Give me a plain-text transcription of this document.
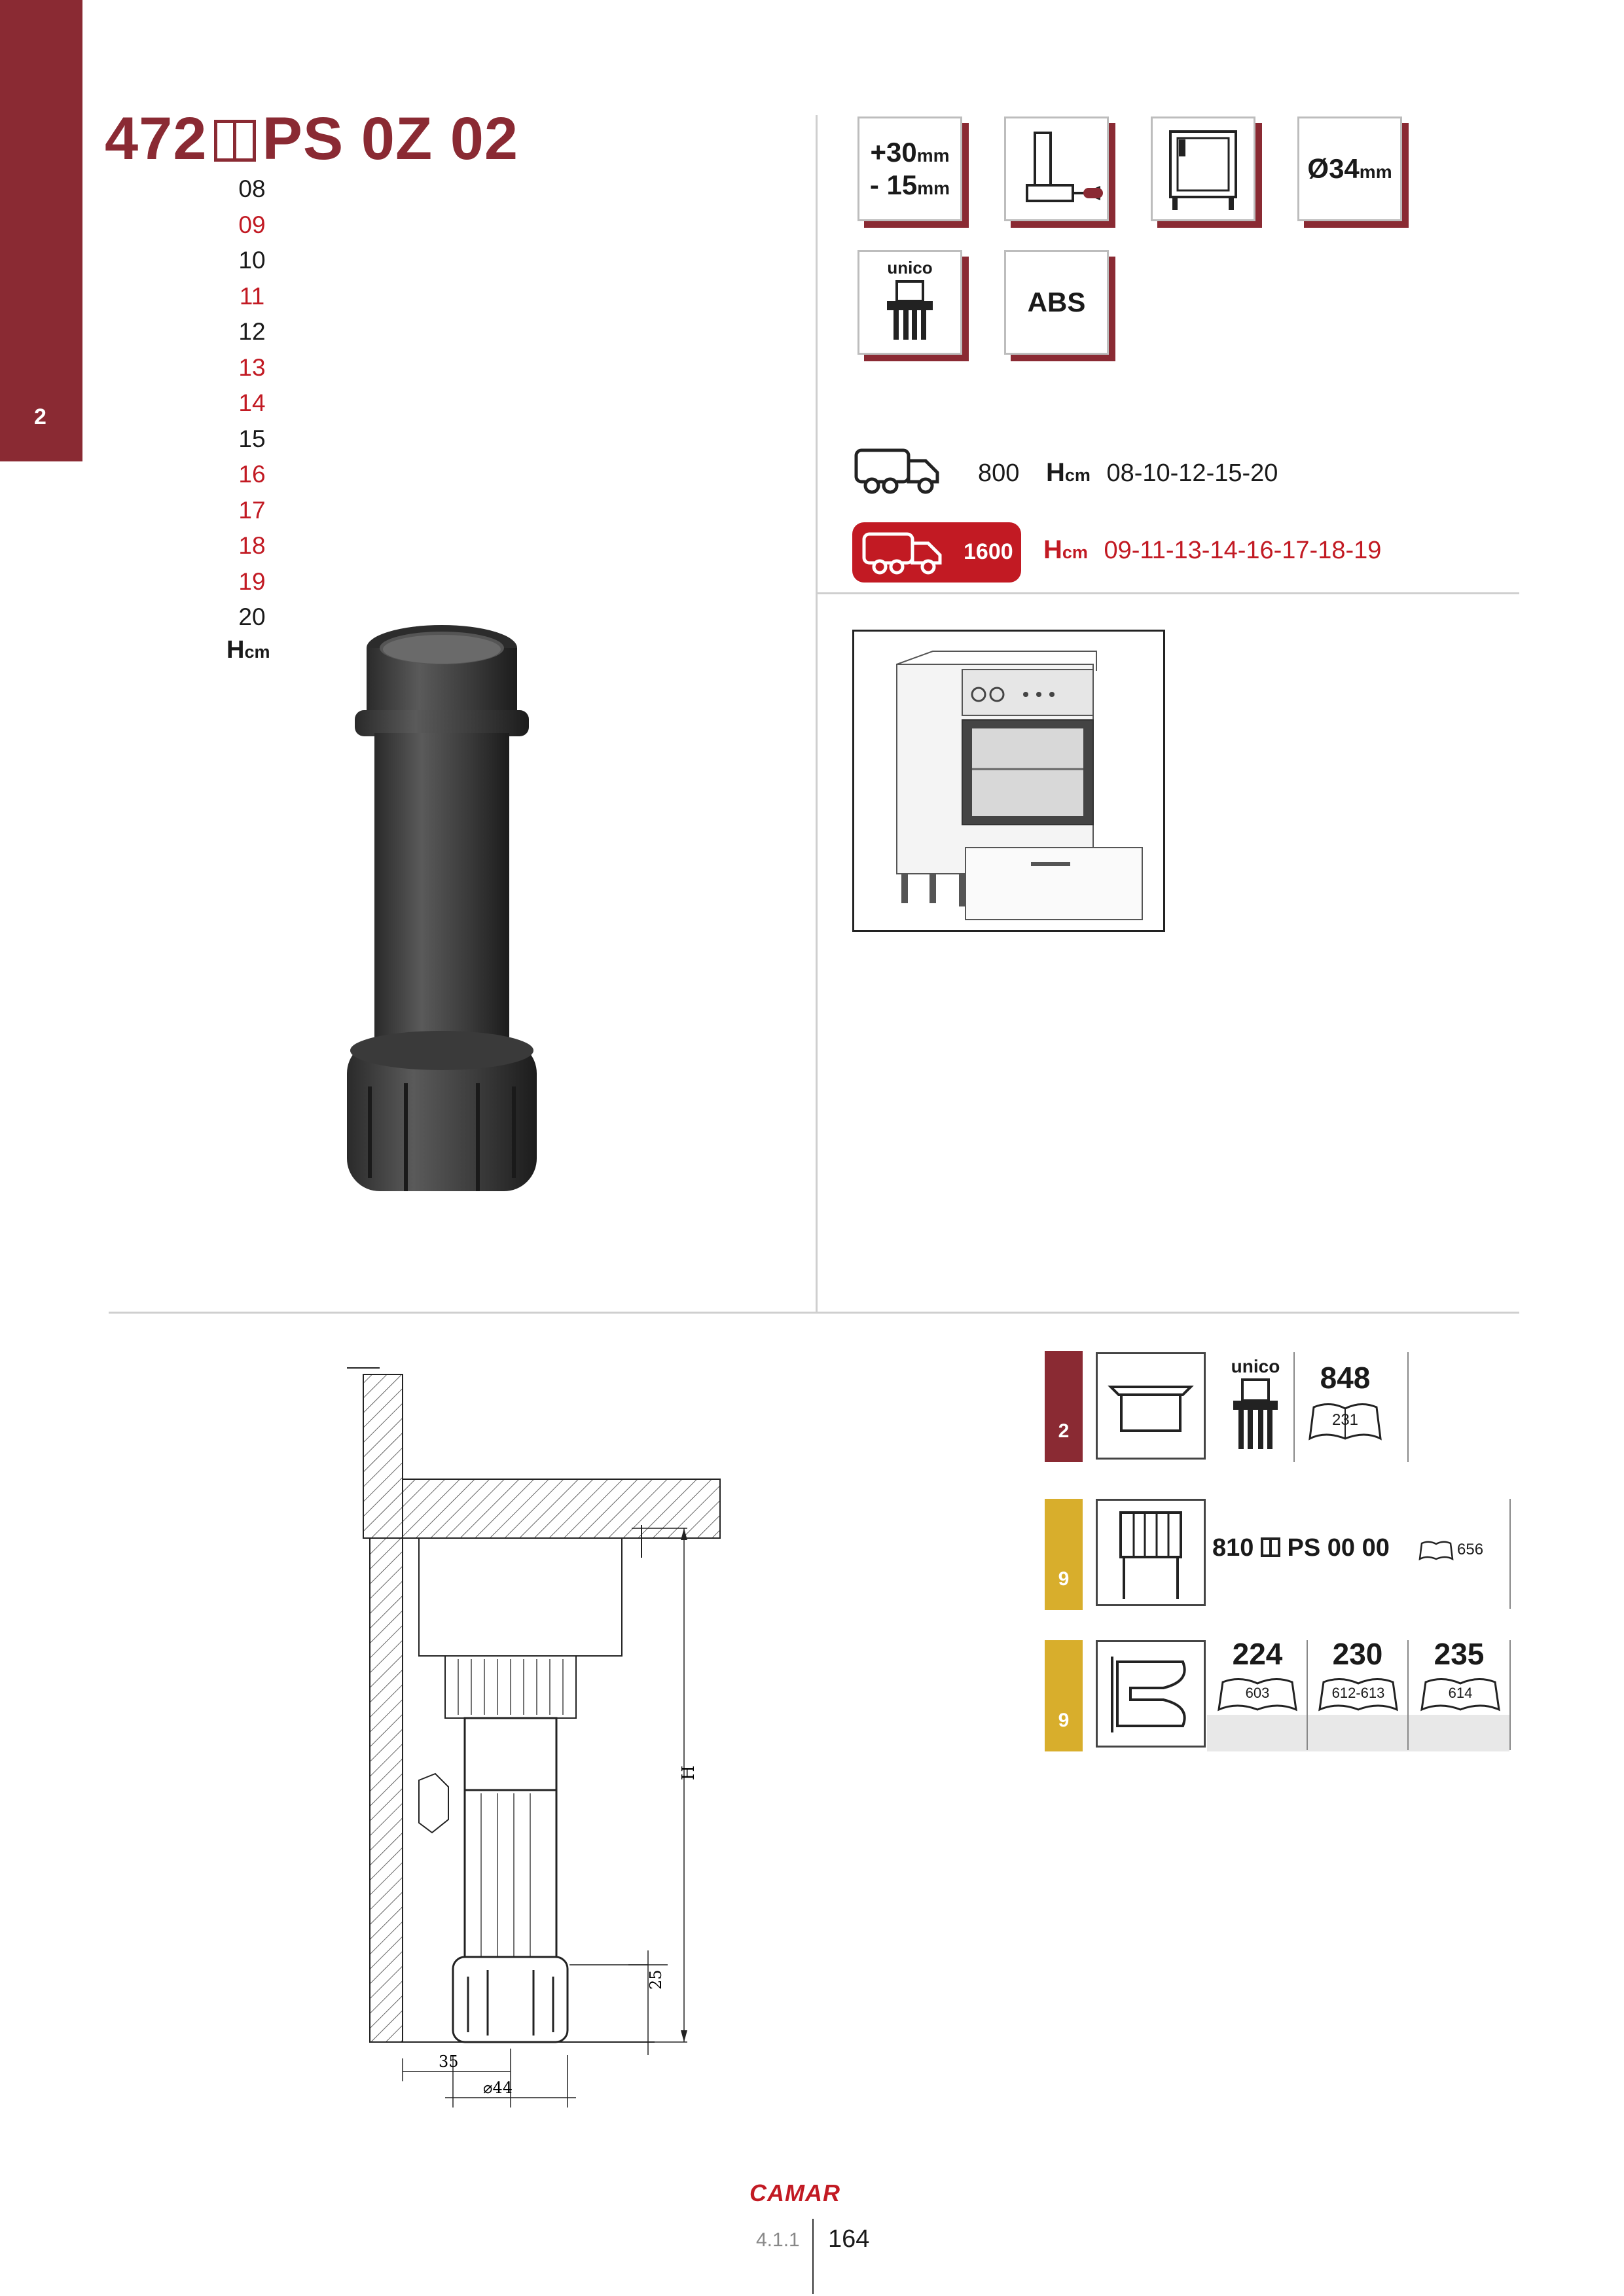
2
472 PS 0Z 02
08
09
10
11
12
13
14
15
16
17
18
19
20
Hcm
+30mm
- 15mm
Ø34mm
unico
ABS
800 Hcm 08-10-12-15-20
1600 Hcm 09-11-13-14-16-17-18-19
H
25
35
⌀44
2
unico	848
231
9
810 PS 00 00	656
9
224
603
230
612-613
235
614
CAMAR
4.1.1 164
